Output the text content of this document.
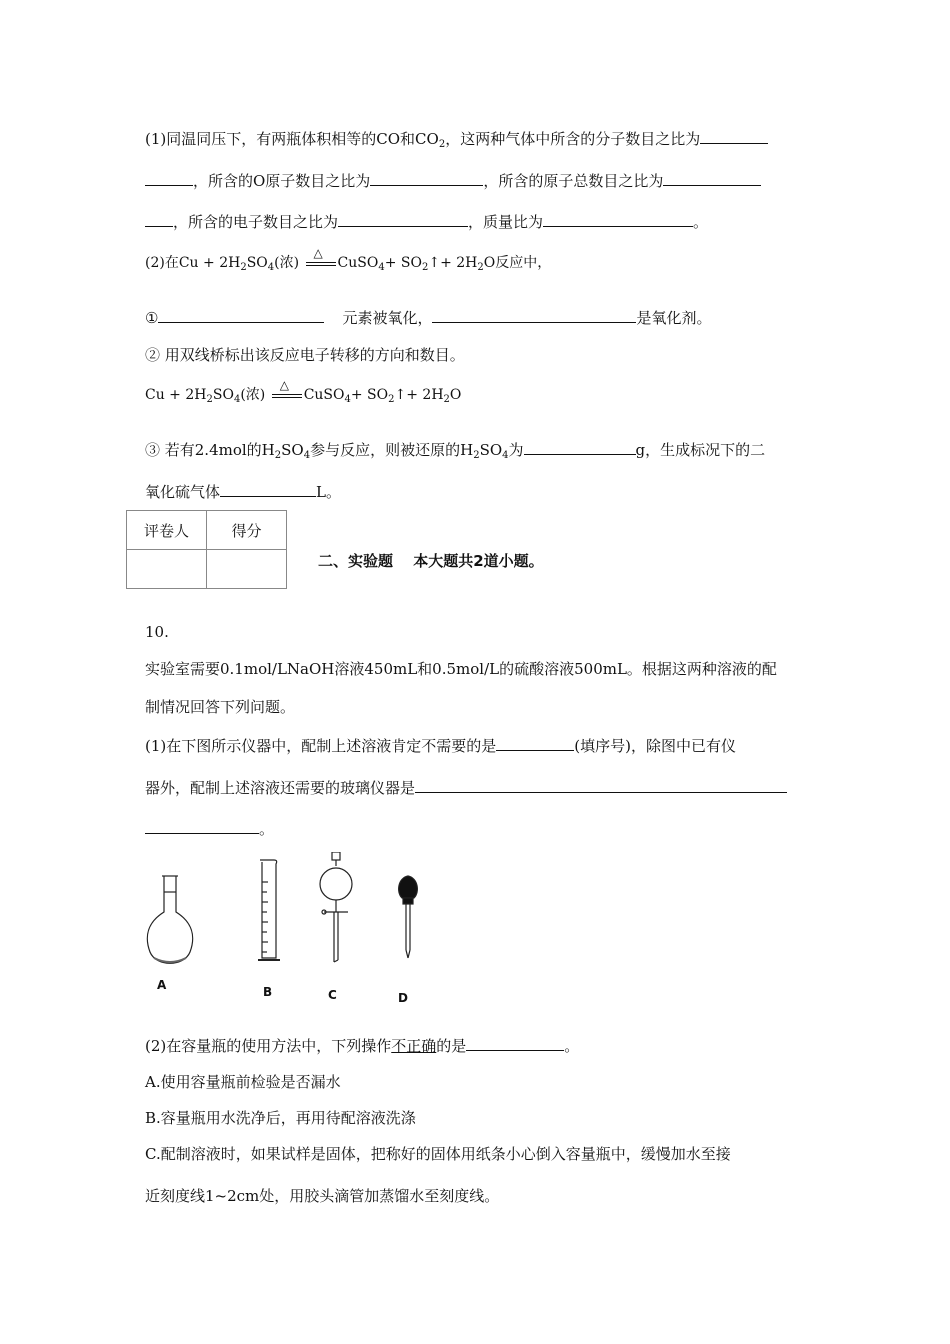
(1)同温同压下，有两瓶体积相等的CO和$CO_2$，这两种气体中所含的分子数目之比为
，所含的O原子数目之比为	，所含的原子总数目之比为
，所含的电子数目之比为	，质量比为	。
(2)在$Cu + 2H_2SO_4$(浓)
△
CuSO$_4$+ $SO_2↑+ 2H_2O$反应中，
①	元素被氧化，	是氧化剂。
② 用双线桥标出该反应电子转移的方向和数目。
$Cu + 2H_2SO_4$(浓)
△
CuSO$_4$+ $SO_2↑+ 2H_2O$
③ 若有2.4mol的$H_2SO_4$参与反应，则被还原的$H_2SO_4$为	g，生成标况下的二
氧化硫气体	L。
评卷人	得分

二、实验题　 本大题共2道小题。
10.
实验室需要0.1mol/LNaOH溶液450mL和0.5mol/L的硫酸溶液500mL。根据这两种溶液的配
制情况回答下列问题。
(1)在下图所示仪器中，配制上述溶液肯定不需要的是	(填序号)，除图中已有仪
器外，配制上述溶液还需要的玻璃仪器是
。
A	B	C	D
(2)在容量瓶的使用方法中，下列操作不正确的是	。
A.使用容量瓶前检验是否漏水
B.容量瓶用水洗净后，再用待配溶液洗涤
C.配制溶液时，如果试样是固体，把称好的固体用纸条小心倒入容量瓶中，缓慢加水至接
近刻度线1~2cm处，用胶头滴管加蒸馏水至刻度线。
